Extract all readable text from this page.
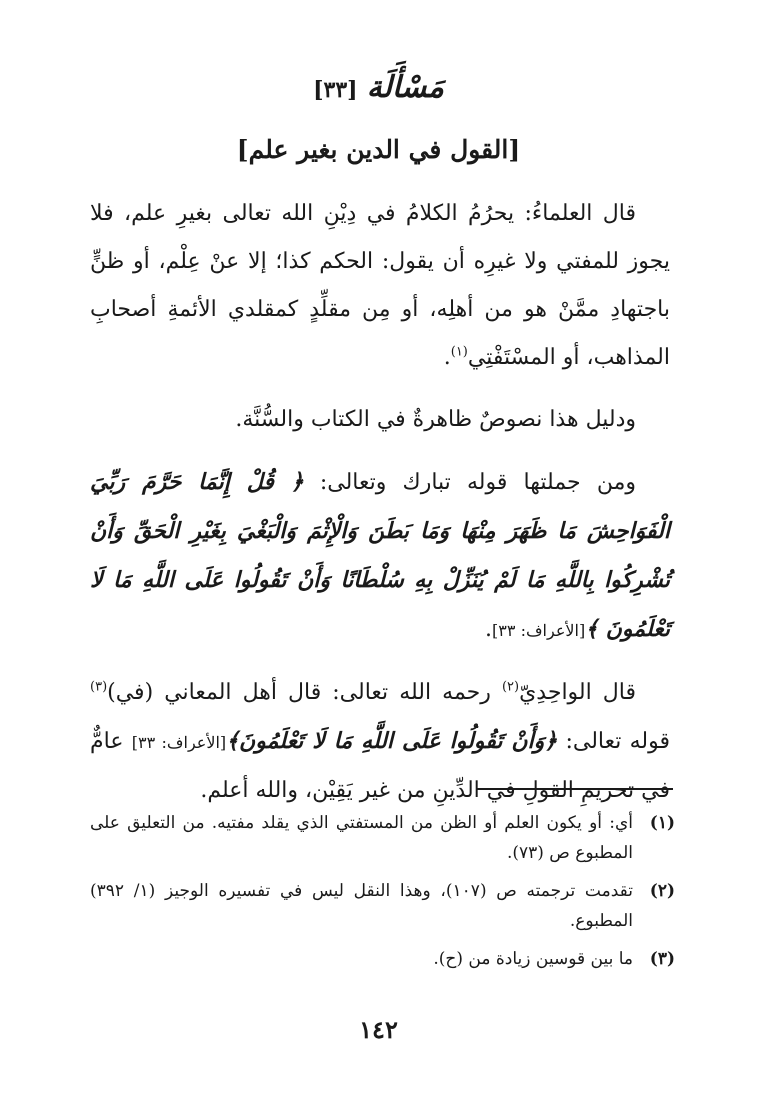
مَسْأَلَة [٣٣]
[القول في الدين بغير علم]

قال العلماءُ: يحرُمُ الكلامُ في دِيْنِ الله تعالى بغيرِ علم، فلا يجوز للمفتي ولا غيرِه أن يقول: الحكم كذا؛ إلا عنْ عِلْم، أو ظنٍّ باجتهادِ ممَّنْ هو من أهلِه، أو مِن مقلِّدٍ كمقلدي الأئمةِ أصحابِ المذاهب، أو المسْتَفْتِي$^{(١)}$.

ودليل هذا نصوصٌ ظاهرةٌ في الكتاب والسُّنَّة.

ومن جملتها قوله تبارك وتعالى: ﴿ قُلْ إِنَّمَا حَرَّمَ رَبِّيَ الْفَوَاحِشَ مَا ظَهَرَ مِنْهَا وَمَا بَطَنَ وَالْإِثْمَ وَالْبَغْيَ بِغَيْرِ الْحَقِّ وَأَنْ تُشْرِكُوا بِاللَّهِ مَا لَمْ يُنَزِّلْ بِهِ سُلْطَانًا وَأَنْ تَقُولُوا عَلَى اللَّهِ مَا لَا تَعْلَمُونَ ﴾[الأعراف: ٣٣].

قال الواحِدِيّ$^{(٢)}$ رحمه الله تعالى: قال أهل المعاني (في)$^{(٣)}$ قوله تعالى: ﴿وَأَنْ تَقُولُوا عَلَى اللَّهِ مَا لَا تَعْلَمُونَ﴾[الأعراف: ٣٣] عامٌّ في تحريمِ القولِ في الدِّينِ من غير يَقِيْن، والله أعلم.

(١)
أي: أو يكون العلم أو الظن من المستفتي الذي يقلد مفتيه. من التعليق على المطبوع ص (٧٣).
(٢)
تقدمت ترجمته ص (١٠٧)، وهذا النقل ليس في تفسيره الوجيز (١/ ٣٩٢) المطبوع.
(٣)
ما بين قوسين زيادة من (ح).
١٤٢
